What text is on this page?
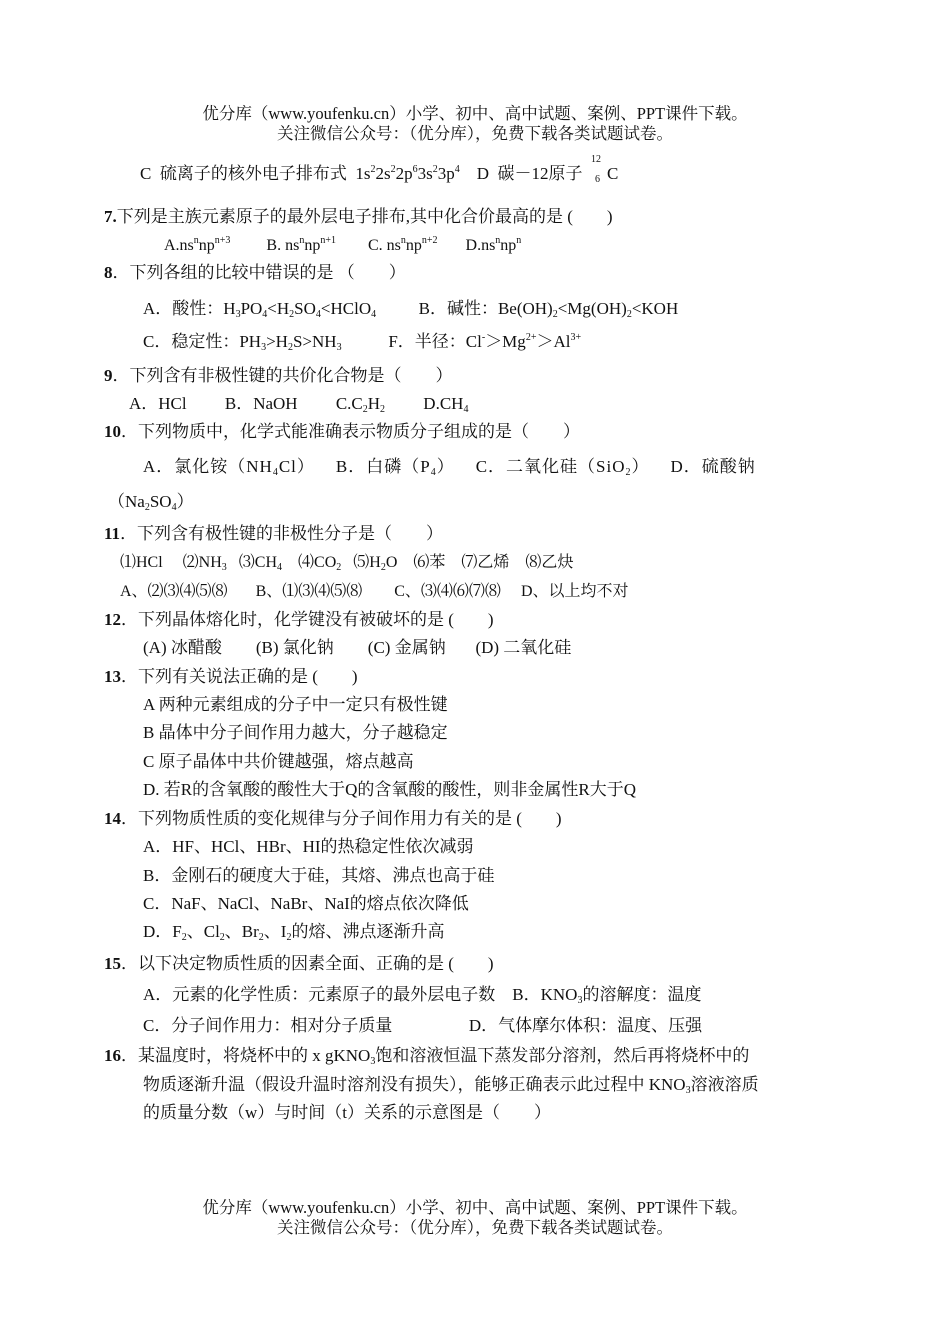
优分库（www.youfenku.cn）小学、初中、高中试题、案例、PPT课件下载。
关注微信公众号：（优分库），免费下载各类试题试卷。
C 硫离子的核外电子排布式 $1s^22s^22p^63s^23p^4$ D 碳－12原子
12
6 C
7.下列是主族元素原子的最外层电子排布,其中化合价最高的是 (　　)
$A.ns^nnp^{n+3}$         B. $ns^nnp^{n+1}$        C. $ns^nnp^{n+2}$       $D.ns^nnp^n$
8．下列各组的比较中错误的是 （　　）
A．酸性：$H_3PO_4<H_2SO_4<HClO_4$          B．碱性：$Be(OH)_2<Mg(OH)_2<KOH$
C．稳定性：$PH_3>H_2S>NH_3$           F．半径：$Cl^->Mg^{2+}>Al^{3+}$
9．下列含有非极性键的共价化合物是（　　）
A．HCl         B．NaOH         $C.C_2H_2$         $D.CH_4$
10．下列物质中，化学式能准确表示物质分子组成的是（　　）
A．氯化铵$(NH_4Cl)$    B．白磷$(P_4)$    C．二氧化硅（SiO$_2$）    D．硫酸钠
$(Na_2SO_4)$
11．下列含有极性键的非极性分子是（　　）
⑴HCl     $⑵NH_3$   $⑶CH_4$    $⑷CO_2$   $⑸H_2O$    ⑹苯    ⑺乙烯    ⑻乙炔
A、⑵⑶⑷⑸⑻ B、⑴⑶⑷⑸⑻ C、⑶⑷⑹⑺⑻ D、以上均不对
12．下列晶体熔化时，化学键没有被破坏的是 (　　)
(A) 冰醋酸 (B) 氯化钠 (C) 金属钠 (D) 二氧化硅
13．下列有关说法正确的是 (　　)
A 两种元素组成的分子中一定只有极性键
B 晶体中分子间作用力越大，分子越稳定
C 原子晶体中共价键越强，熔点越高
D. 若R的含氧酸的酸性大于Q的含氧酸的酸性，则非金属性R大于Q
14．下列物质性质的变化规律与分子间作用力有关的是 (　　)
A．HF、HCl、HBr、HI的热稳定性依次减弱
B．金刚石的硬度大于硅，其熔、沸点也高于硅
C．NaF、NaCl、NaBr、NaI的熔点依次降低
D．$F_2$、$Cl_2$、$Br_2$、$I_2$的熔、沸点逐渐升高
15．以下决定物质性质的因素全面、正确的是 (　　)
A．元素的化学性质：元素原子的最外层电子数    B．$KNO_3$的溶解度：温度
C．分子间作用力：相对分子质量	D．气体摩尔体积：温度、压强
16．某温度时，将烧杯中的 x gKNO$_3$饱和溶液恒温下蒸发部分溶剂，然后再将烧杯中的
物质逐渐升温（假设升温时溶剂没有损失），能够正确表示此过程中 $KNO_3$溶液溶质
的质量分数（w）与时间（t）关系的示意图是（　　）
优分库（www.youfenku.cn）小学、初中、高中试题、案例、PPT课件下载。
关注微信公众号：（优分库），免费下载各类试题试卷。
